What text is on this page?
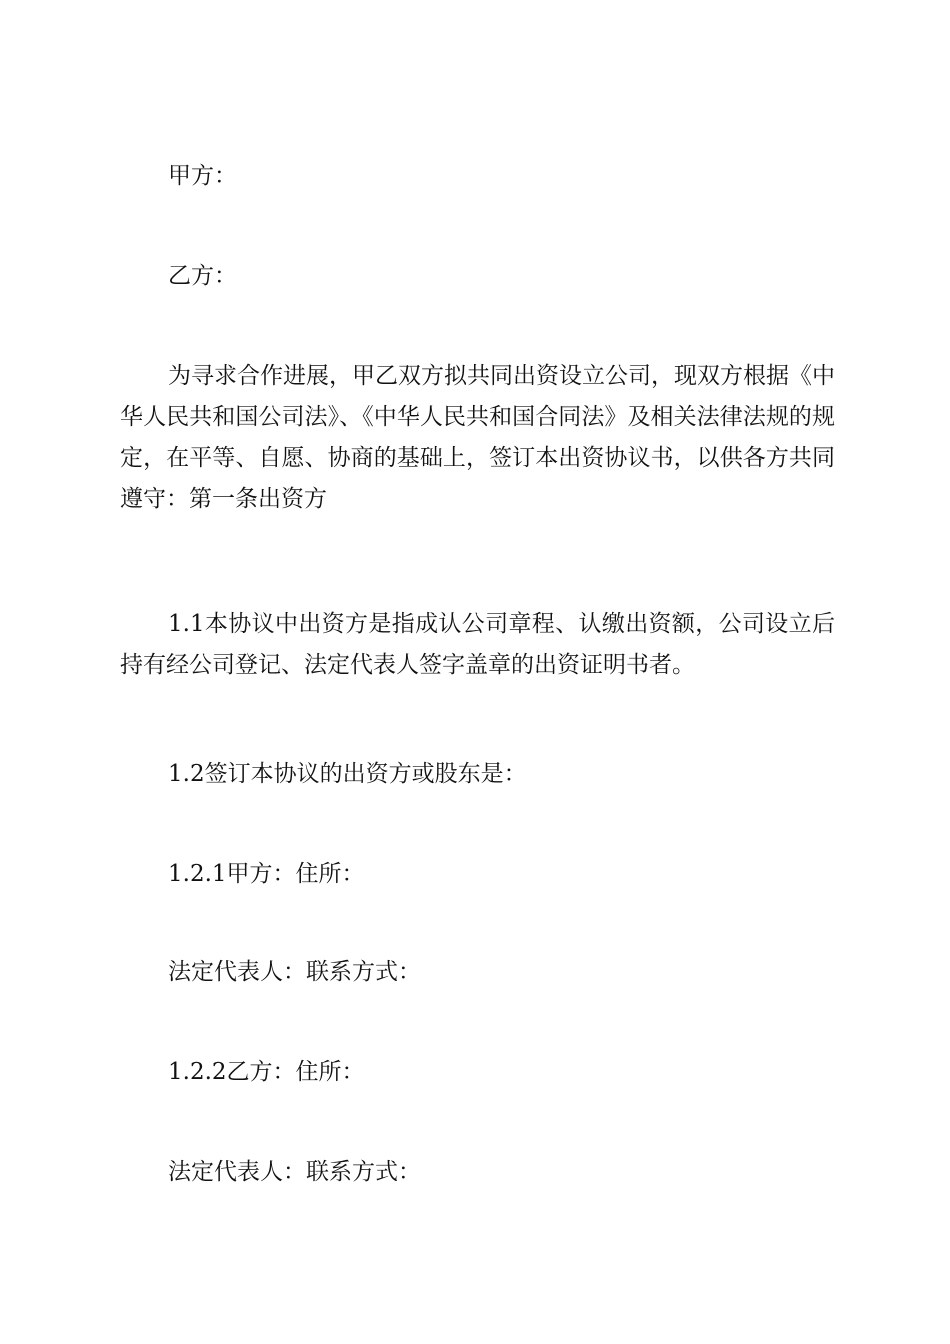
甲方：
乙方：
为寻求合作进展，甲乙双方拟共同出资设立公司，现双方根据《中华人民共和国公司法》、《中华人民共和国合同法》及相关法律法规的规定，在平等、自愿、协商的基础上，签订本出资协议书，以供各方共同遵守：第一条出资方
1.1本协议中出资方是指成认公司章程、认缴出资额，公司设立后持有经公司登记、法定代表人签字盖章的出资证明书者。
1.2签订本协议的出资方或股东是：
1.2.1甲方：住所：
法定代表人：联系方式：
1.2.2乙方：住所：
法定代表人：联系方式：
